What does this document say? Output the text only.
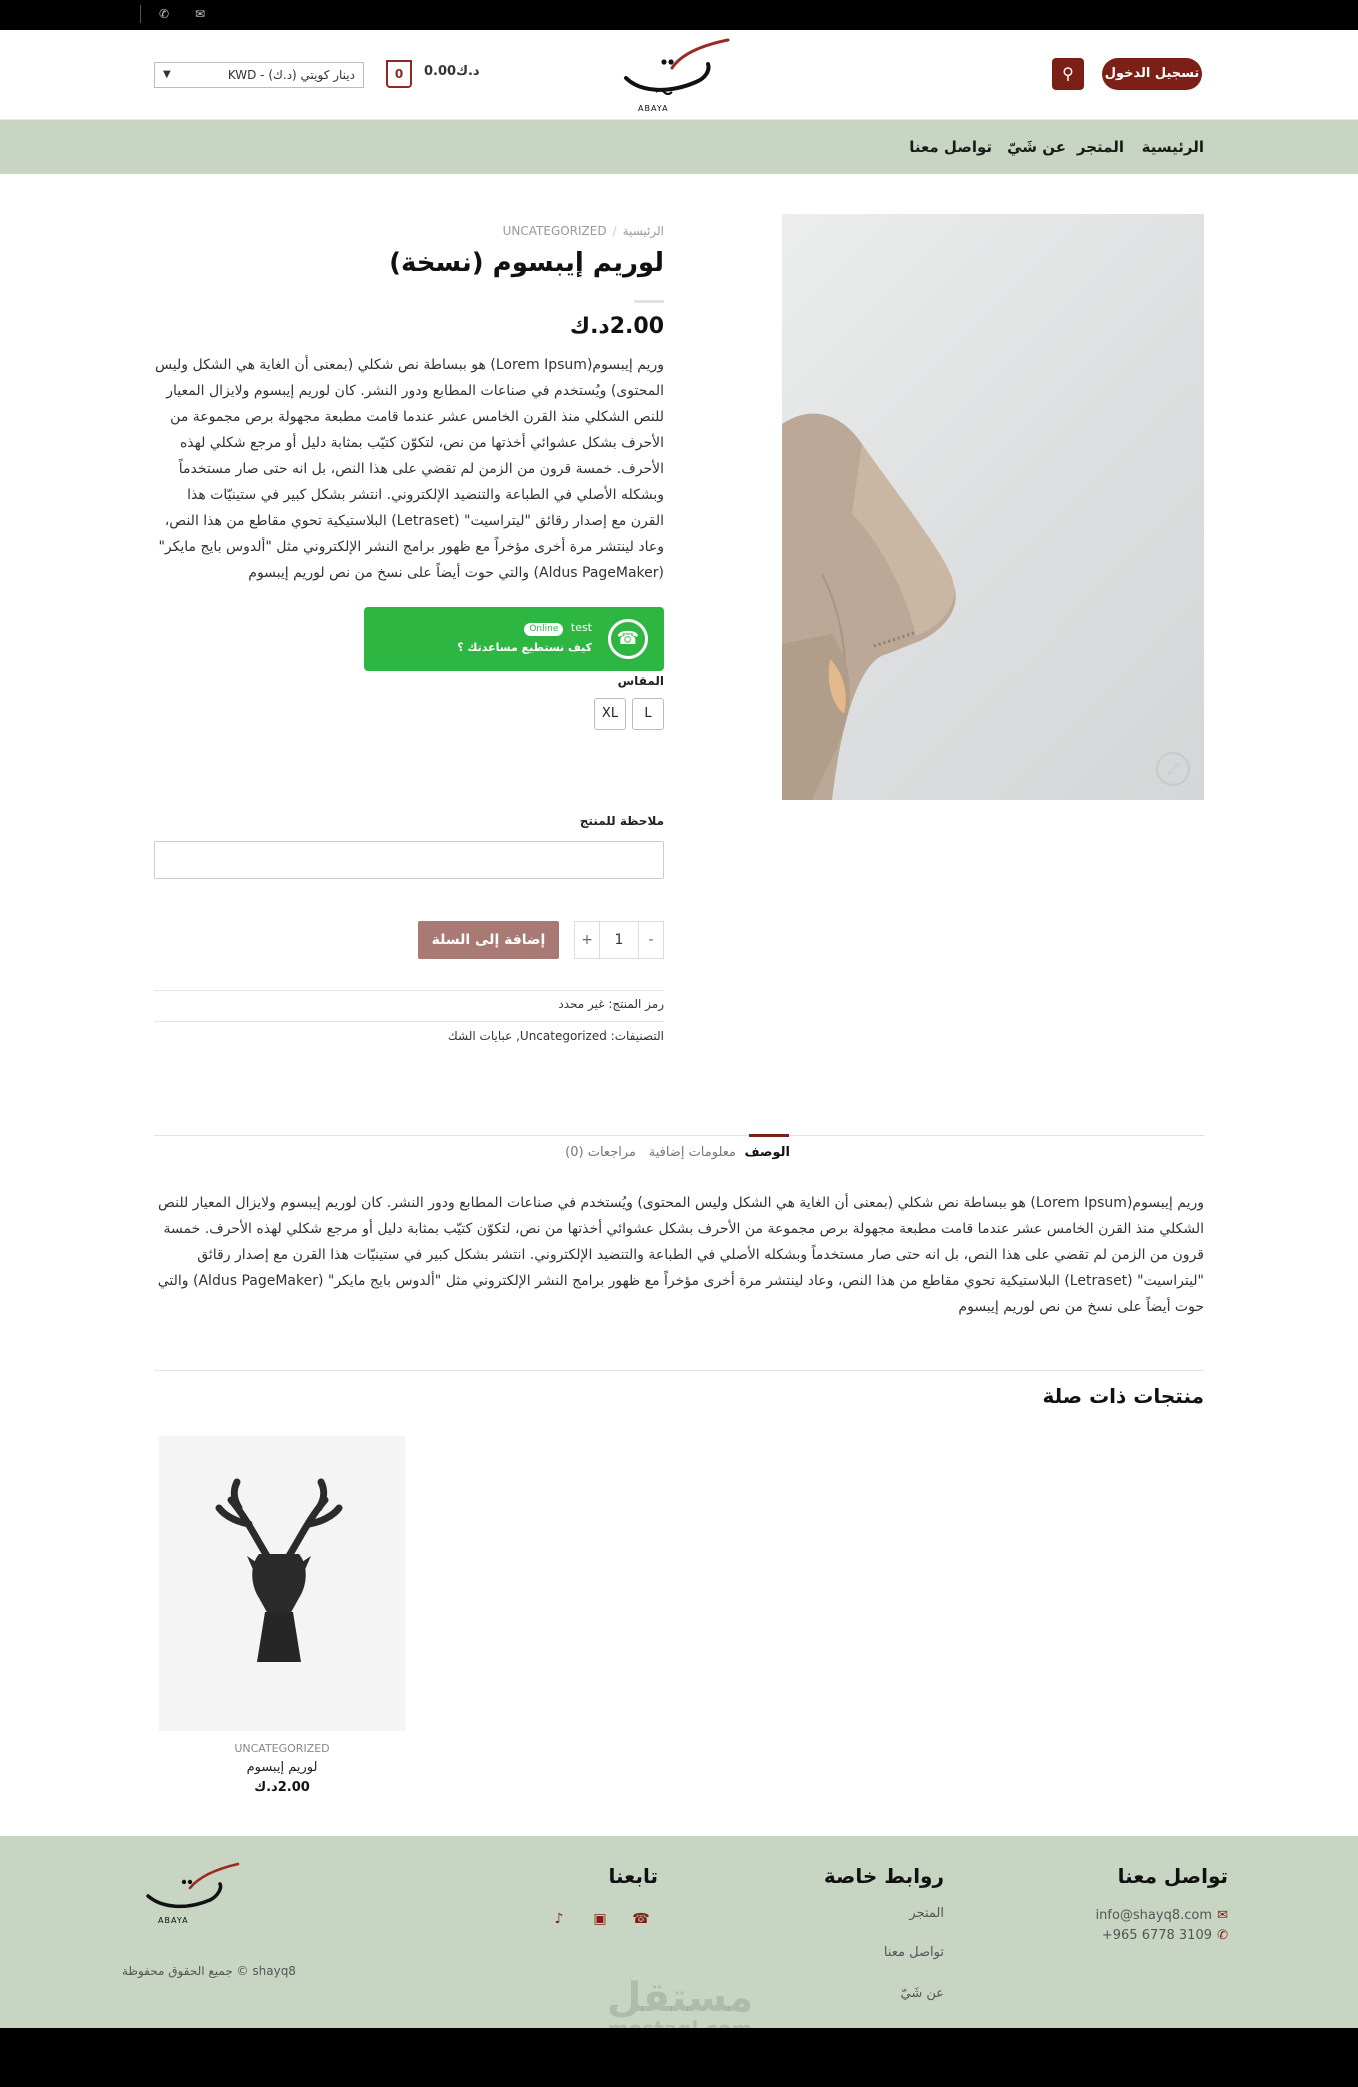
✆ ✉
دينار كويتي (د.ك) - KWD
▼	0	0.00د.ك
ABAYA
⚲	تسجيل الدخول
الرئيسية
المتجر
عن شَيّ
تواصل معنا
⤢
الرئيسية/UNCATEGORIZED
لوريم إيبسوم (نسخة)
2.00د.ك
وريم إيبسوم(Lorem Ipsum) هو ببساطة نص شكلي (بمعنى أن الغاية هي الشكل وليس المحتوى) ويُستخدم في صناعات المطابع ودور النشر. كان لوريم إيبسوم ولايزال المعيار للنص الشكلي منذ القرن الخامس عشر عندما قامت مطبعة مجهولة برص مجموعة من الأحرف بشكل عشوائي أخذتها من نص، لتكوّن كتيّب بمثابة دليل أو مرجع شكلي لهذه الأحرف. خمسة قرون من الزمن لم تقضي على هذا النص، بل انه حتى صار مستخدماً وبشكله الأصلي في الطباعة والتنضيد الإلكتروني. انتشر بشكل كبير في ستينيّات هذا القرن مع إصدار رقائق "ليتراسيت" (Letraset) البلاستيكية تحوي مقاطع من هذا النص، وعاد لينتشر مرة أخرى مؤخراً مع ظهور برامج النشر الإلكتروني مثل "ألدوس بايج مايكر" (Aldus PageMaker) والتي حوت أيضاً على نسخ من نص لوريم إيبسوم
☎
test Online
كيف نستطيع مساعدتك ؟
المقاس
L
XL
ملاحظة للمنتج
+	1	-
إضافة إلى السلة
رمز المنتج: غير محدد
التصنيفات: Uncategorized, عبايات الشك
الوصف
معلومات إضافية
مراجعات (0)
وريم إيبسوم(Lorem Ipsum) هو ببساطة نص شكلي (بمعنى أن الغاية هي الشكل وليس المحتوى) ويُستخدم في صناعات المطابع ودور النشر. كان لوريم إيبسوم ولايزال المعيار للنص الشكلي منذ القرن الخامس عشر عندما قامت مطبعة مجهولة برص مجموعة من الأحرف بشكل عشوائي أخذتها من نص، لتكوّن كتيّب بمثابة دليل أو مرجع شكلي لهذه الأحرف. خمسة قرون من الزمن لم تقضي على هذا النص، بل انه حتى صار مستخدماً وبشكله الأصلي في الطباعة والتنضيد الإلكتروني. انتشر بشكل كبير في ستينيّات هذا القرن مع إصدار رقائق "ليتراسيت" (Letraset) البلاستيكية تحوي مقاطع من هذا النص، وعاد لينتشر مرة أخرى مؤخراً مع ظهور برامج النشر الإلكتروني مثل "ألدوس بايج مايكر" (Aldus PageMaker) والتي حوت أيضاً على نسخ من نص لوريم إيبسوم
منتجات ذات صلة
UNCATEGORIZED
لوريم إيبسوم
2.00د.ك
تواصل معنا
info@shayq8.com ✉
+965 6778 3109 ✆
روابط خاصة
المتجر
تواصل معنا
عن شَيّ
تابعنا
☎
▣
♪
ABAYA
shayq8 © جميع الحقوق محفوظة
مستقل
